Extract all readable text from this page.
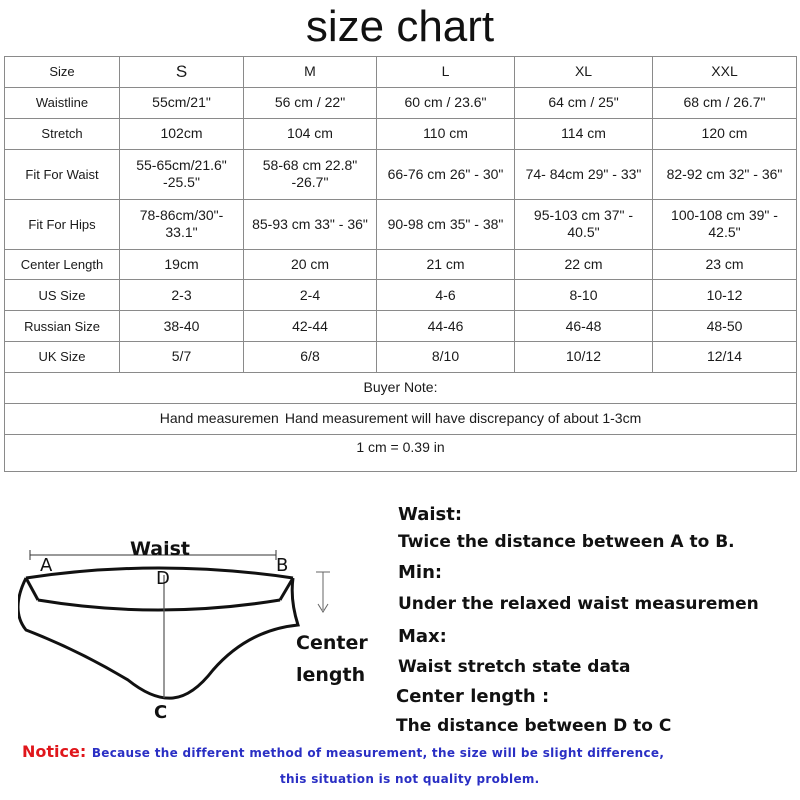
size chart
Size	S	M	L	XL	XXL
Waistline	55cm/21"	56 cm / 22"	60 cm / 23.6"	64 cm / 25"	68 cm / 26.7"
Stretch	102cm	104 cm	110 cm	114 cm	120 cm
Fit For Waist	55-65cm/21.6" -25.5"	58-68 cm 22.8" -26.7"	66-76 cm 26" - 30"	74- 84cm 29" - 33"	82-92 cm 32" - 36"
Fit For Hips	78-86cm/30"- 33.1"	85-93 cm 33" - 36"	90-98 cm 35" - 38"	95-103 cm 37" - 40.5"	100-108 cm 39" - 42.5"
Center Length	19cm	20 cm	21 cm	22 cm	23 cm
US Size	2-3	2-4	4-6	8-10	10-12
Russian Size	38-40	42-44	44-46	46-48	48-50
UK Size	5/7	6/8	8/10	10/12	12/14
Buyer Note:					

Hand measuremen Hand measurement will have discrepancy of about 1-3cm					

1 cm = 0.39 in					
Waist
A	B
D
C
Center
length
Waist:
Twice the distance between A to B.
Min:
Under the relaxed waist measuremen
Max:
Waist stretch state data
Center length :
The distance between D to C
Notice: Because the different method of measurement, the size will be slight difference,
this situation is not quality problem.
